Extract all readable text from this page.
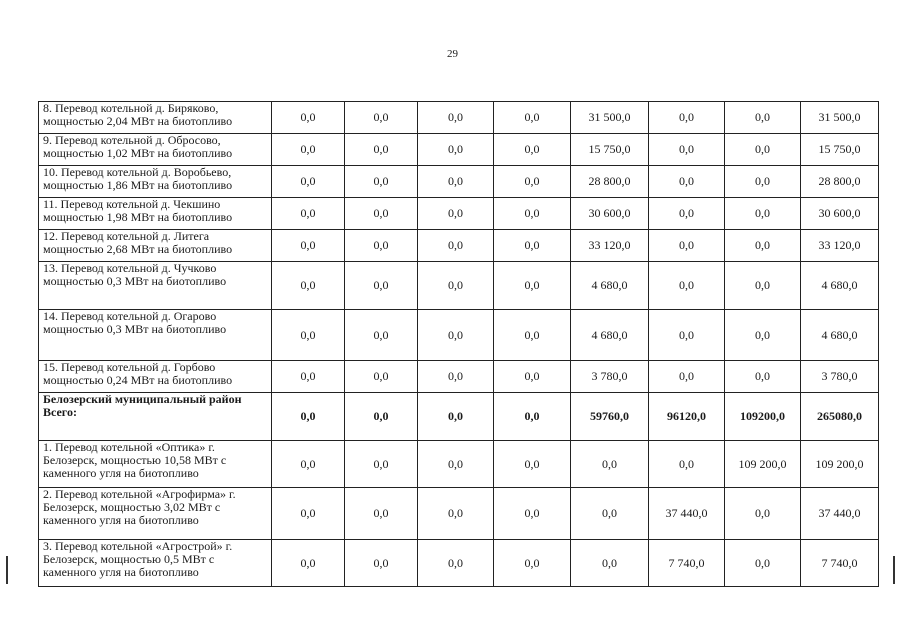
29
8. Перевод котельной д. Биряково, мощностью 2,04 МВт на биотопливо	0,0	0,0	0,0	0,0	31 500,0	0,0	0,0	31 500,0
9. Перевод котельной д. Обросово, мощностью 1,02 МВт на биотопливо	0,0	0,0	0,0	0,0	15 750,0	0,0	0,0	15 750,0
10. Перевод котельной д. Воробьево, мощностью 1,86 МВт на биотопливо	0,0	0,0	0,0	0,0	28 800,0	0,0	0,0	28 800,0
11. Перевод котельной д. Чекшино мощностью 1,98 МВт на биотопливо	0,0	0,0	0,0	0,0	30 600,0	0,0	0,0	30 600,0
12. Перевод котельной д. Литега мощностью 2,68 МВт на биотопливо	0,0	0,0	0,0	0,0	33 120,0	0,0	0,0	33 120,0
13. Перевод котельной д. Чучково мощностью 0,3 МВт на биотопливо	0,0	0,0	0,0	0,0	4 680,0	0,0	0,0	4 680,0
14. Перевод котельной д. Огарово мощностью 0,3 МВт на биотопливо	0,0	0,0	0,0	0,0	4 680,0	0,0	0,0	4 680,0
15. Перевод котельной д. Горбово мощностью 0,24 МВт на биотопливо	0,0	0,0	0,0	0,0	3 780,0	0,0	0,0	3 780,0
Белозерский муниципальный район Всего:	0,0	0,0	0,0	0,0	59760,0	96120,0	109200,0	265080,0
1. Перевод котельной «Оптика» г. Белозерск, мощностью 10,58 МВт с каменного угля на биотопливо	0,0	0,0	0,0	0,0	0,0	0,0	109 200,0	109 200,0
2. Перевод котельной «Агрофирма» г. Белозерск, мощностью 3,02 МВт с каменного угля на биотопливо	0,0	0,0	0,0	0,0	0,0	37 440,0	0,0	37 440,0
3. Перевод котельной «Агрострой» г. Белозерск, мощностью 0,5 МВт с каменного угля на биотопливо	0,0	0,0	0,0	0,0	0,0	7 740,0	0,0	7 740,0
